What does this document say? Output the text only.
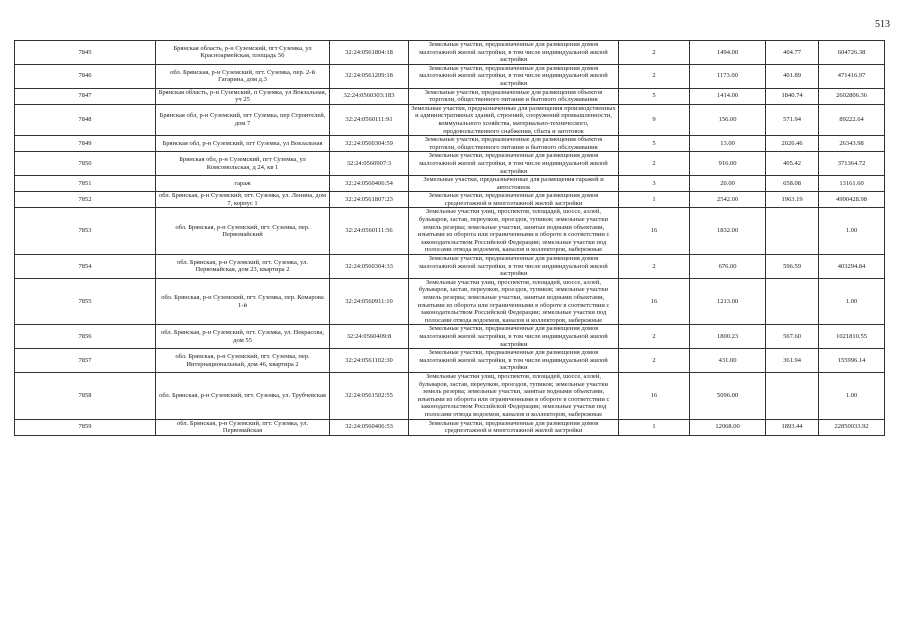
513
7845	Брянская область, р-н Суземский, пгт Суземка, ул Красноармейская, площадь 56	32:24:0561804:18	Земельные участки, предназначенные для размещения домов малоэтажной жилой застройки, в том числе индивидуальной жилой застройки	2	1494.00	404.77	604726.38
7846	обл. Брянская, р-н Суземский, пгт. Суземка, пер. 2-й Гагарина, дом д.3	32:24:0561209:18	Земельные участки, предназначенные для размещения домов малоэтажной жилой застройки, в том числе индивидуальной жилой застройки	2	1173.00	401.89	471416.97
7847	Брянская область, р-н Суземский, п Суземка, ул Вокзальная, уч 25	32:24:0560303:183	Земельные участки, предназначенные для размещения объектов торговли, общественного питания и бытового обслуживания	5	1414.00	1840.74	2602806.36
7848	Брянская обл, р-н Суземский, пгт Суземка, пер Строителей, дом 7	32:24:0560111:91	Земельные участки, предназначенные для размещения производственных и административных зданий, строений, сооружений промышленности, коммунального хозяйства, материально-технического, продовольственного снабжения, сбыта и заготовок	9	156.00	571.94	89222.64
7849	Брянская обл, р-н Суземский, пгт Суземка, ул Вокзальная	32:24:0560304:59	Земельные участки, предназначенные для размещения объектов торговли, общественного питания и бытового обслуживания	5	13.00	2026.46	26343.98
7850	Брянская обл, р-н Суземский, пгт Суземка, ул Комсомольская, д 24, кв 1	32:24:0560907:3	Земельные участки, предназначенные для размещения домов малоэтажной жилой застройки, в том числе индивидуальной жилой застройки	2	916.00	405.42	371364.72
7851	гараж	32:24:0560406:54	Земельные участки, предназначенные для размещения гаражей и автостоянок	3	20.00	658.08	13161.60
7852	обл. Брянская, р-н Суземский, пгт. Суземка, ул. Ленина, дом 7, корпус 1	32:24:0561807:23	Земельные участки, предназначенные для размещения домов среднеэтажной и многоэтажной жилой застройки	1	2542.00	1963.19	4990428.98
7853	обл. Брянская, р-н Суземский, пгт. Суземка, пер. Первомайский	32:24:0560111:56	Земельные участки улиц, проспектов, площадей, шоссе, аллей, бульваров, застав, переулков, проездов, тупиков; земельные участки земель резерва; земельные участки, занятые водными объектами, изъятыми из оборота или ограниченными в обороте в соответствии с законодательством Российской Федерации; земельные участки под полосами отвода водоемов, каналов и коллекторов, набережные	16	1832.00		1.00
7854	обл. Брянская, р-н Суземский, пгт. Суземка, ул. Первомайская, дом 23, квартира 2	32:24:0560304:33	Земельные участки, предназначенные для размещения домов малоэтажной жилой застройки, в том числе индивидуальной жилой застройки	2	676.00	596.59	403294.84
7855	обл. Брянская, р-н Суземский, пгт. Суземка, пер. Комарова 1-й	32:24:0560911:10	Земельные участки улиц, проспектов, площадей, шоссе, аллей, бульваров, застав, переулков, проездов, тупиков; земельные участки земель резерва; земельные участки, занятые водными объектами, изъятыми из оборота или ограниченными в обороте в соответствии с законодательством Российской Федерации; земельные участки под полосами отвода водоемов, каналов и коллекторов, набережные	16	1213.00		1.00
7856	обл. Брянская, р-н Суземский, пгт. Суземка, ул. Некрасова, дом 55	32:24:0560409:8	Земельные участки, предназначенные для размещения домов малоэтажной жилой застройки, в том числе индивидуальной жилой застройки	2	1800.23	567.60	1021810.55
7857	обл. Брянская, р-н Суземский, пгт. Суземка, пер. Интернациональный, дом 46, квартира 2	32:24:0561102:30	Земельные участки, предназначенные для размещения домов малоэтажной жилой застройки, в том числе индивидуальной жилой застройки	2	431.00	361.94	155996.14
7858	обл. Брянская, р-н Суземский, пгт. Суземка, ул. Трубчевская	32:24:0561502:55	Земельные участки улиц, проспектов, площадей, шоссе, аллей, бульваров, застав, переулков, проездов, тупиков; земельные участки земель резерва; земельные участки, занятые водными объектами, изъятыми из оборота или ограниченными в обороте в соответствии с законодательством Российской Федерации; земельные участки под полосами отвода водоемов, каналов и коллекторов, набережные	16	5096.00		1.00
7859	обл. Брянская, р-н Суземский, пгт. Суземка, ул. Первомайская	32:24:0560406:53	Земельные участки, предназначенные для размещения домов среднеэтажной и многоэтажной жилой застройки	1	12068.00	1893.44	22850033.92
